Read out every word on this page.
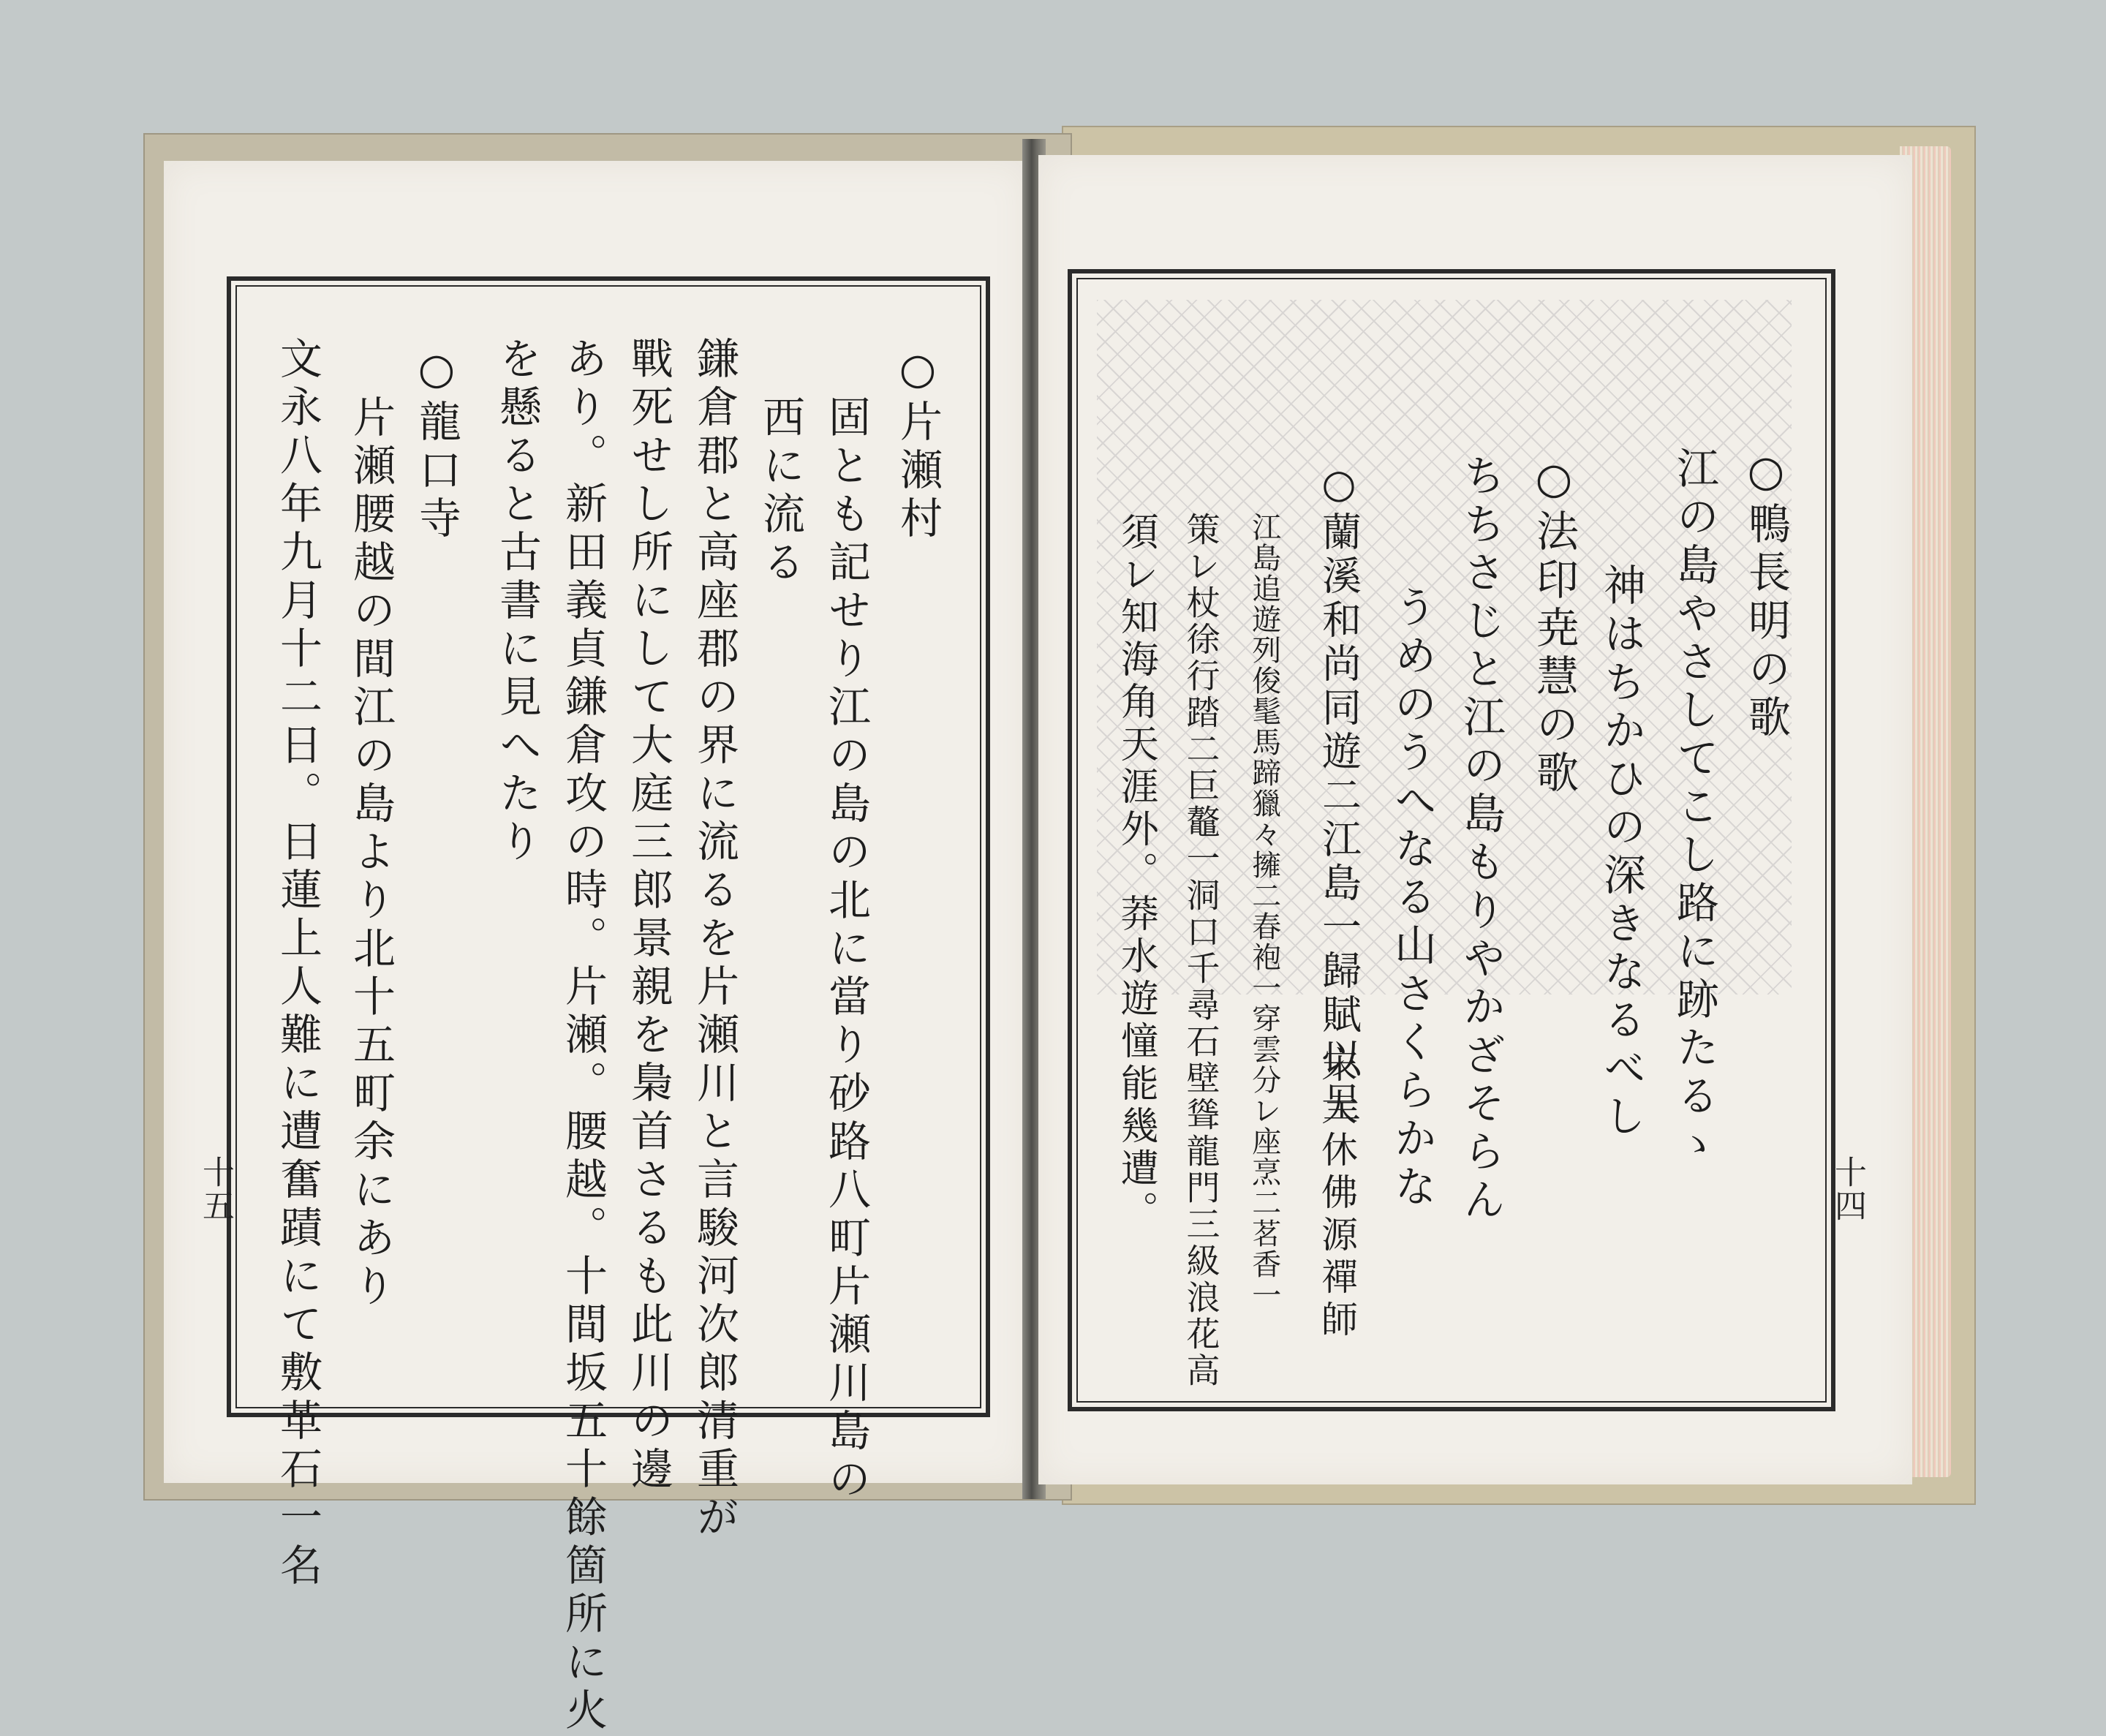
○片瀬村
固とも記せり江の島の北に當り砂路八町片瀬川島の
西に流る
鎌倉郡と高座郡の界に流るを片瀬川と言駿河次郎清重が
戰死せし所にして大庭三郎景親を梟首さるも此川の邊
あり。新田義貞鎌倉攻の時。片瀬。腰越。十間坂五十餘箇所に火
を懸ると古書に見へたり
○龍口寺
片瀬腰越の間江の島より北十五町余にあり
文永八年九月十二日。日蓮上人難に遭奮蹟にて敷革石一名
十五
○鴨長明の歌
江の島やさしてこし路に跡たるゝ
神はちかひの深きなるべし
○法印尭慧の歌
ちちさじと江の島もりやかざそらん
うめのうへなる山さくらかな
○蘭溪和尚同遊二江島一歸賦以呈
宋大休佛源禪師
江島追遊列俊髦馬蹄獵々擁二春袍一穿雲分レ座烹二茗香一
策レ杖徐行踏二巨鼇一洞口千尋石壁聳龍門三級浪花高
須レ知海角天涯外。莽水遊憧能幾遭。	十四
